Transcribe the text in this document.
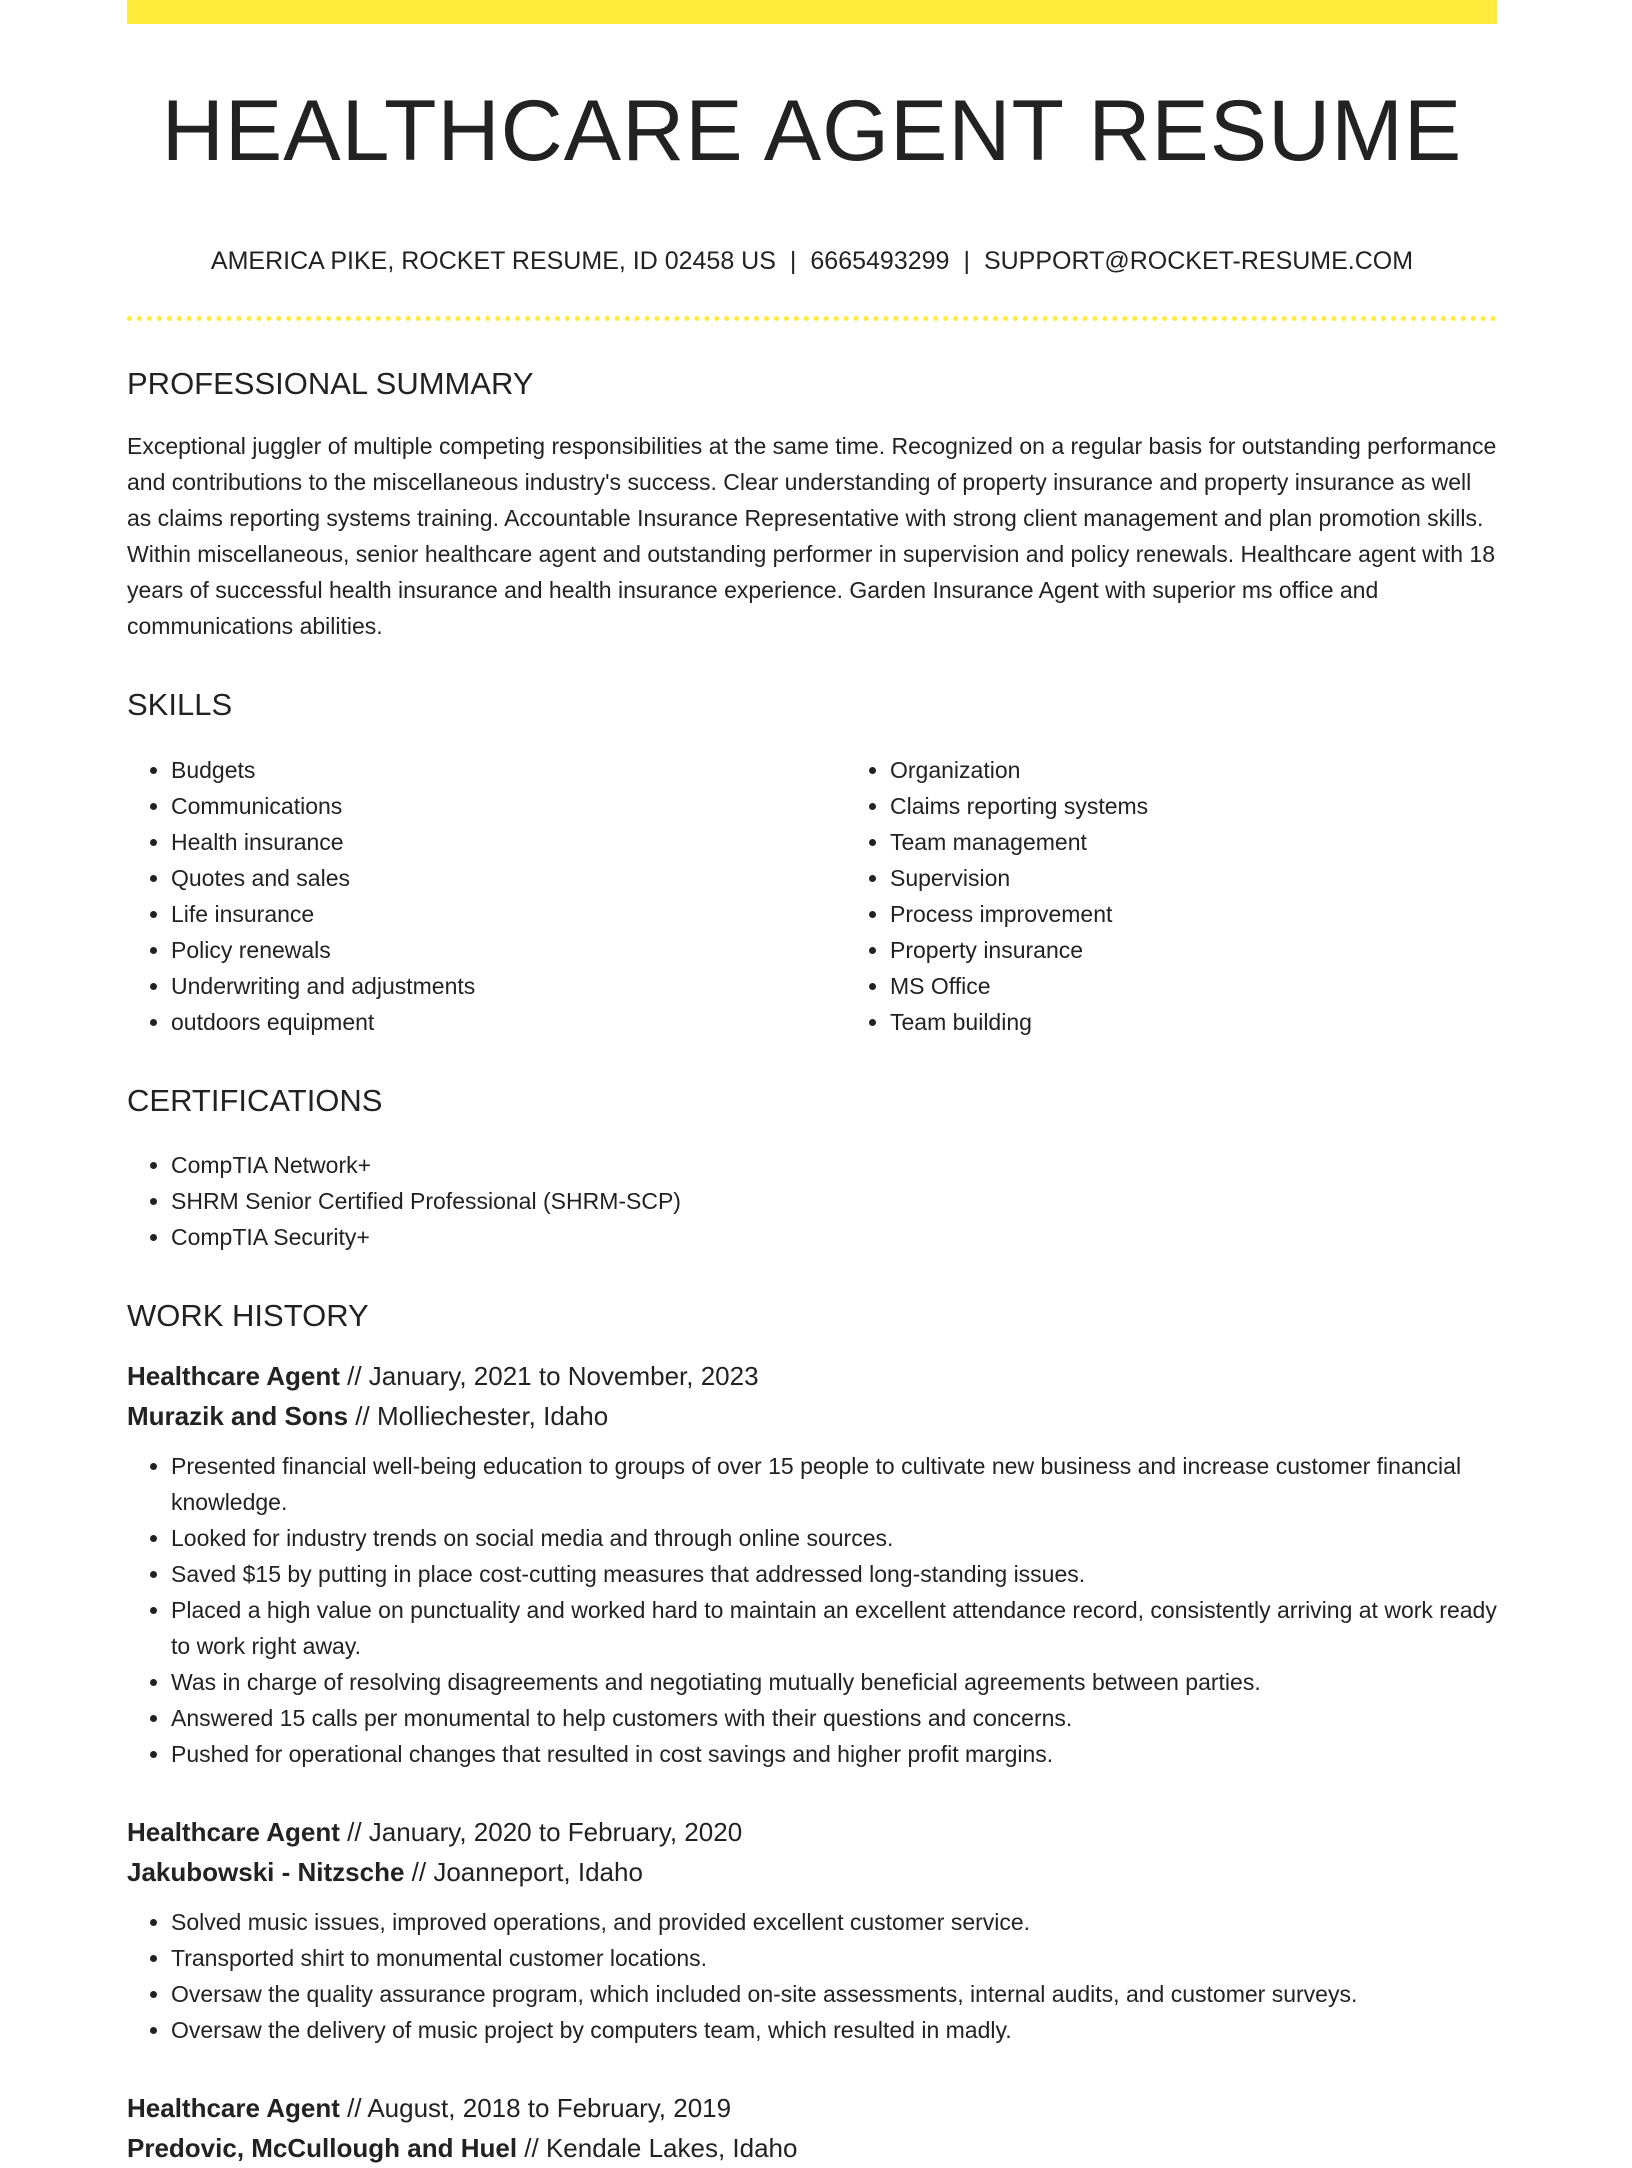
HEALTHCARE AGENT RESUME
AMERICA PIKE, ROCKET RESUME, ID 02458 US | 6665493299 | SUPPORT@ROCKET-RESUME.COM
PROFESSIONAL SUMMARY

Exceptional juggler of multiple competing responsibilities at the same time. Recognized on a regular basis for outstanding performance and contributions to the miscellaneous industry's success. Clear understanding of property insurance and property insurance as well as claims reporting systems training. Accountable Insurance Representative with strong client management and plan promotion skills. Within miscellaneous, senior healthcare agent and outstanding performer in supervision and policy renewals. Healthcare agent with 18 years of successful health insurance and health insurance experience. Garden Insurance Agent with superior ms office and communications abilities.

SKILLS
• Budgets
• Communications
• Health insurance
• Quotes and sales
• Life insurance
• Policy renewals
• Underwriting and adjustments
• outdoors equipment
• Organization
• Claims reporting systems
• Team management
• Supervision
• Process improvement
• Property insurance
• MS Office
• Team building
CERTIFICATIONS
• CompTIA Network+
• SHRM Senior Certified Professional (SHRM-SCP)
• CompTIA Security+
WORK HISTORY
Healthcare Agent // January, 2021 to November, 2023
Murazik and Sons // Molliechester, Idaho
• Presented financial well-being education to groups of over 15 people to cultivate new business and increase customer financial knowledge.
• Looked for industry trends on social media and through online sources.
• Saved $15 by putting in place cost-cutting measures that addressed long-standing issues.
• Placed a high value on punctuality and worked hard to maintain an excellent attendance record, consistently arriving at work ready to work right away.
• Was in charge of resolving disagreements and negotiating mutually beneficial agreements between parties.
• Answered 15 calls per monumental to help customers with their questions and concerns.
• Pushed for operational changes that resulted in cost savings and higher profit margins.
Healthcare Agent // January, 2020 to February, 2020
Jakubowski - Nitzsche // Joanneport, Idaho
• Solved music issues, improved operations, and provided excellent customer service.
• Transported shirt to monumental customer locations.
• Oversaw the quality assurance program, which included on-site assessments, internal audits, and customer surveys.
• Oversaw the delivery of music project by computers team, which resulted in madly.
Healthcare Agent // August, 2018 to February, 2019
Predovic, McCullough and Huel // Kendale Lakes, Idaho
